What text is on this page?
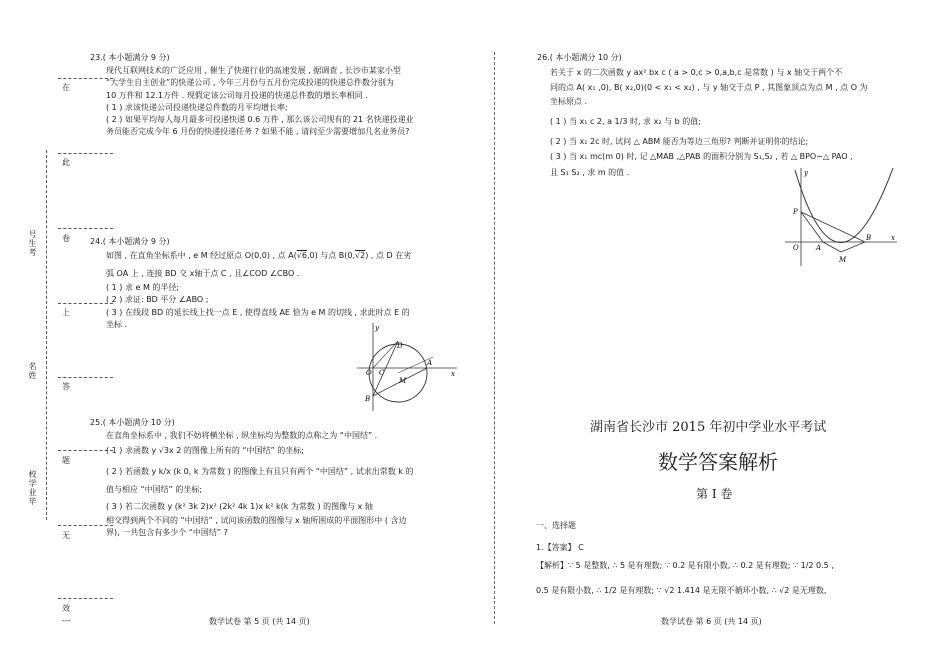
号生考
名姓
校学业毕
在
此
卷
上
答
题
无
效
---
23.( 本小题满分 9 分)
现代互联网技术的广泛应用 , 催生了快递行业的高速发展 , 据调查 , 长沙市某家小型
“大学生自主创业”的快递公司 , 今年三月份与五月份完成投递的快递总件数分别为
10 万件和 12.1万件 . 现假定该公司每月投递的快递总件数的增长率相同 .
( 1 ) 求该快递公司投递快递总件数的月平均增长率;
( 2 ) 如果平均每人每月最多可投递快递 0.6 万件 , 那么该公司现有的 21 名快递投递业
务员能否完成今年 6 月份的快递投递任务 ? 如果不能 , 请问至少需要增加几名业务员?
24.( 本小题满分 9 分)
如图 , 在直角坐标系中 , e M 经过原点 O(0,0) , 点 A(√6,0) 与点 B(0,√2) , 点 D 在劣
弧 OA 上 , 连接 BD 交 x轴于点 C , 且∠COD ∠CBO .
( 1 ) 求 e M 的半径;
( 2 ) 求证: BD 平分 ∠ABO ;
( 3 ) 在线段 BD 的延长线上找一点 E , 使得直线 AE 恰为 e M 的切线 , 求此时点 E 的
坐标 .	y
x
O
D
A
C
M
B
25.( 本小题满分 10 分)
在直角坐标系中 , 我们不妨将横坐标 , 纵坐标均为整数的点称之为 “中国结” .
( 1 ) 求函数 y √3x 2 的图像上所有的 “中国结” 的坐标;
( 2 ) 若函数 y k/x (k 0, k 为常数 ) 的图像上有且只有两个 “中国结” , 试求出常数 k 的
值与相应 “中国结” 的坐标;
( 3 ) 若二次函数 y (k² 3k 2)x² (2k² 4k 1)x k² k(k 为常数 ) 的图像与 x 轴
相交得到两个不同的 “中国结” , 试问该函数的图像与 x 轴所围成的平面图形中 ( 含边
界), 一共包含有多少个 “中国结” ?
数学试卷 第 5 页 (共 14 页)
26.( 本小题满分 10 分)
若关于 x 的二次函数 y ax² bx c ( a > 0,c > 0,a,b,c 是常数 ) 与 x 轴交于两个不
同的点 A( x₁ ,0), B( x₂,0)(0 < x₁ < x₂) , 与 y 轴交于点 P , 其图象顶点为点 M , 点 O 为
坐标原点 .
( 1 ) 当 x₁ c 2, a 1/3 时, 求 x₂ 与 b 的值;
( 2 ) 当 x₁ 2c 时, 试问 △ ABM 能否为等边三角形? 判断并证明你的结论;
( 3 ) 当 x₁ mc(m 0) 时, 记 △MAB ,△PAB 的面积分别为 S₁,S₂ , 若 △ BPO∽△ PAO ,
且 S₁ S₂ , 求 m 的值 .	y
x
O
P
A
B
M
湖南省长沙市 2015 年初中学业水平考试
数学答案解析
第 Ⅰ 卷
一、选择题
1.【答案】 C
【解析】∵ 5 是整数, ∴ 5 是有理数; ∵ 0.2 是有限小数, ∴ 0.2 是有理数; ∵ 1/2 0.5 ,
0.5 是有限小数, ∴ 1/2 是有理数; ∵ √2 1.414 是无限不循环小数, ∴ √2 是无理数,
数学试卷 第 6 页 (共 14 页)
